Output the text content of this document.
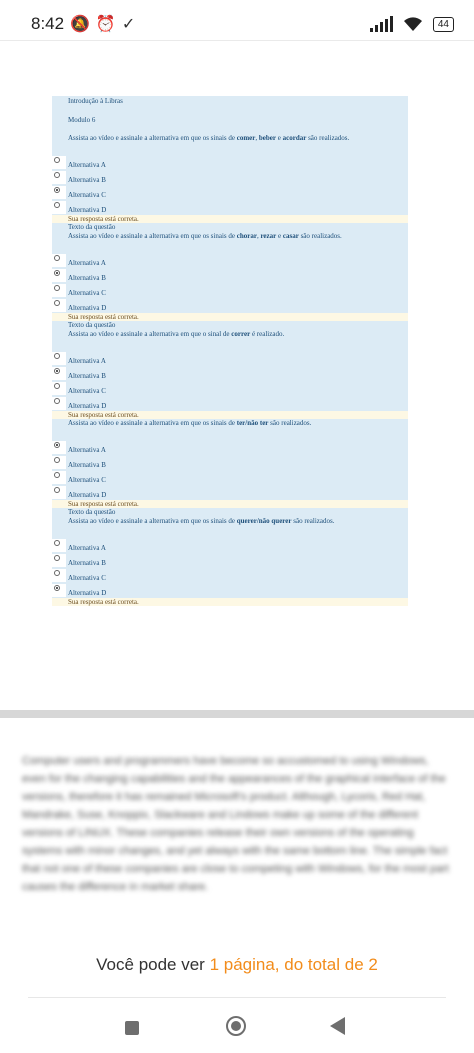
8:42 🔕⏰✓	44
Introdução à Libras
Modulo 6
Assista ao vídeo e assinale a alternativa em que os sinais de comer, beber e acordar são realizados.
Alternativa A
Alternativa B
Alternativa C
Alternativa D
Sua resposta está correta.
Texto da questão
Assista ao vídeo e assinale a alternativa em que os sinais de chorar, rezar e casar são realizados.
Alternativa A
Alternativa B
Alternativa C
Alternativa D
Sua resposta está correta.
Texto da questão
Assista ao vídeo e assinale a alternativa em que o sinal de correr é realizado.
Alternativa A
Alternativa B
Alternativa C
Alternativa D
Sua resposta está correta.
Assista ao vídeo e assinale a alternativa em que os sinais de ter/não ter são realizados.
Alternativa A
Alternativa B
Alternativa C
Alternativa D
Sua resposta está correta.
Texto da questão
Assista ao vídeo e assinale a alternativa em que os sinais de querer/não querer são realizados.
Alternativa A
Alternativa B
Alternativa C
Alternativa D
Sua resposta está correta.
Computer users and programmers have become so accustomed to using Windows, even for the changing capabilities and the appearances of the graphical interface of the versions, therefore it has remained Microsoft's product. Although, Lycoris, Red Hat, Mandrake, Suse, Knoppix, Slackware and Lindows make up some of the different versions of LINUX. These companies release their own versions of the operating systems with minor changes, and yet always with the same bottom line. The simple fact that not one of these companies are close to competing with Windows, for the most part causes the difference in market share.
Você pode ver 1 página, do total de 2
